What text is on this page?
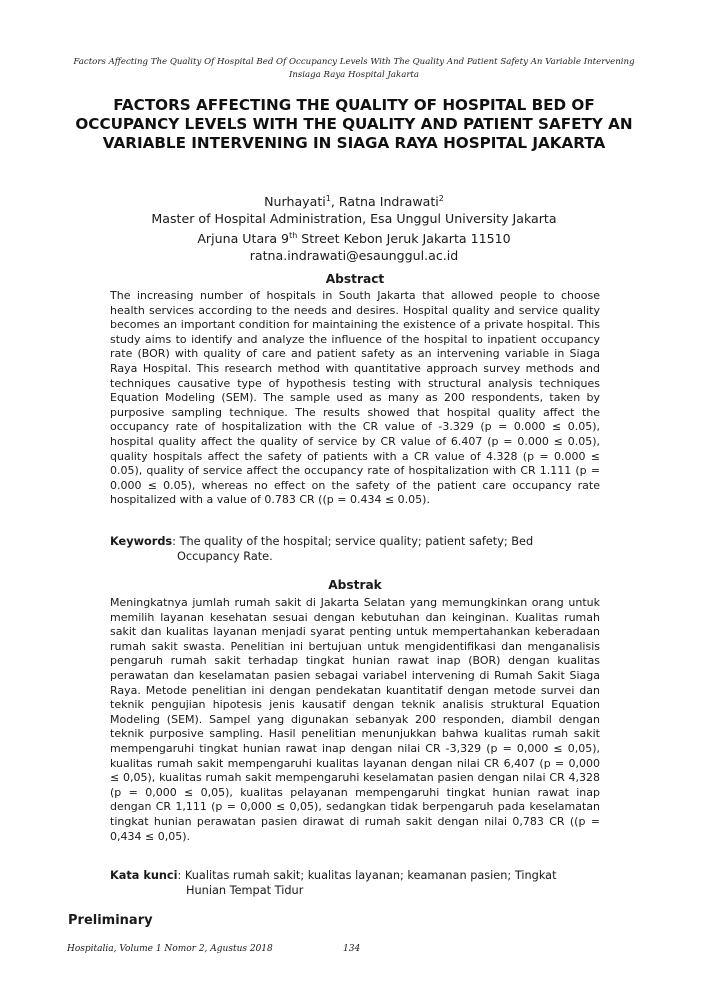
Factors Affecting The Quality Of Hospital Bed Of Occupancy Levels With The Quality And Patient Safety An Variable Intervening
Insiaga Raya Hospital Jakarta
FACTORS AFFECTING THE QUALITY OF HOSPITAL BED OF OCCUPANCY LEVELS WITH THE QUALITY AND PATIENT SAFETY AN VARIABLE INTERVENING IN SIAGA RAYA HOSPITAL JAKARTA
Nurhayati$^1$, Ratna Indrawati$^2$
Master of Hospital Administration, Esa Unggul University Jakarta
Arjuna Utara 9th Street Kebon Jeruk Jakarta 11510
ratna.indrawati@esaunggul.ac.id
Abstract

The increasing number of hospitals in South Jakarta that allowed people to choose health services according to the needs and desires. Hospital quality and service quality becomes an important condition for maintaining the existence of a private hospital. This study aims to identify and analyze the influence of the hospital to inpatient occupancy rate (BOR) with quality of care and patient safety as an intervening variable in Siaga Raya Hospital. This research method with quantitative approach survey methods and techniques causative type of hypothesis testing with structural analysis techniques Equation Modeling (SEM). The sample used as many as 200 respondents, taken by purposive sampling technique. The results showed that hospital quality affect the occupancy rate of hospitalization with the CR value of -3.329 (p = 0.000 ≤ 0.05), hospital quality affect the quality of service by CR value of 6.407 (p = 0.000 ≤ 0.05), quality hospitals affect the safety of patients with a CR value of 4.328 (p = 0.000 ≤ 0.05), quality of service affect the occupancy rate of hospitalization with CR 1.111 (p = 0.000 ≤ 0.05), whereas no effect on the safety of the patient care occupancy rate hospitalized with a value of 0.783 CR ((p = 0.434 ≤ 0.05).

Keywords: The quality of the hospital; service quality; patient safety; Bed
Occupancy Rate.

Abstrak

Meningkatnya jumlah rumah sakit di Jakarta Selatan yang memungkinkan orang untuk memilih layanan kesehatan sesuai dengan kebutuhan dan keinginan. Kualitas rumah sakit dan kualitas layanan menjadi syarat penting untuk mempertahankan keberadaan rumah sakit swasta. Penelitian ini bertujuan untuk mengidentifikasi dan menganalisis pengaruh rumah sakit terhadap tingkat hunian rawat inap (BOR) dengan kualitas perawatan dan keselamatan pasien sebagai variabel intervening di Rumah Sakit Siaga Raya. Metode penelitian ini dengan pendekatan kuantitatif dengan metode survei dan teknik pengujian hipotesis jenis kausatif dengan teknik analisis struktural Equation Modeling (SEM). Sampel yang digunakan sebanyak 200 responden, diambil dengan teknik purposive sampling. Hasil penelitian menunjukkan bahwa kualitas rumah sakit mempengaruhi tingkat hunian rawat inap dengan nilai CR -3,329 (p = 0,000 ≤ 0,05), kualitas rumah sakit mempengaruhi kualitas layanan dengan nilai CR 6,407 (p = 0,000 ≤ 0,05), kualitas rumah sakit mempengaruhi keselamatan pasien dengan nilai CR 4,328 (p = 0,000 ≤ 0,05), kualitas pelayanan mempengaruhi tingkat hunian rawat inap dengan CR 1,111 (p = 0,000 ≤ 0,05), sedangkan tidak berpengaruh pada keselamatan tingkat hunian perawatan pasien dirawat di rumah sakit dengan nilai 0,783 CR ((p = 0,434 ≤ 0,05).

Kata kunci: Kualitas rumah sakit; kualitas layanan; keamanan pasien; Tingkat
Hunian Tempat Tidur

Preliminary
Hospitalia, Volume 1 Nomor 2, Agustus 2018	134
